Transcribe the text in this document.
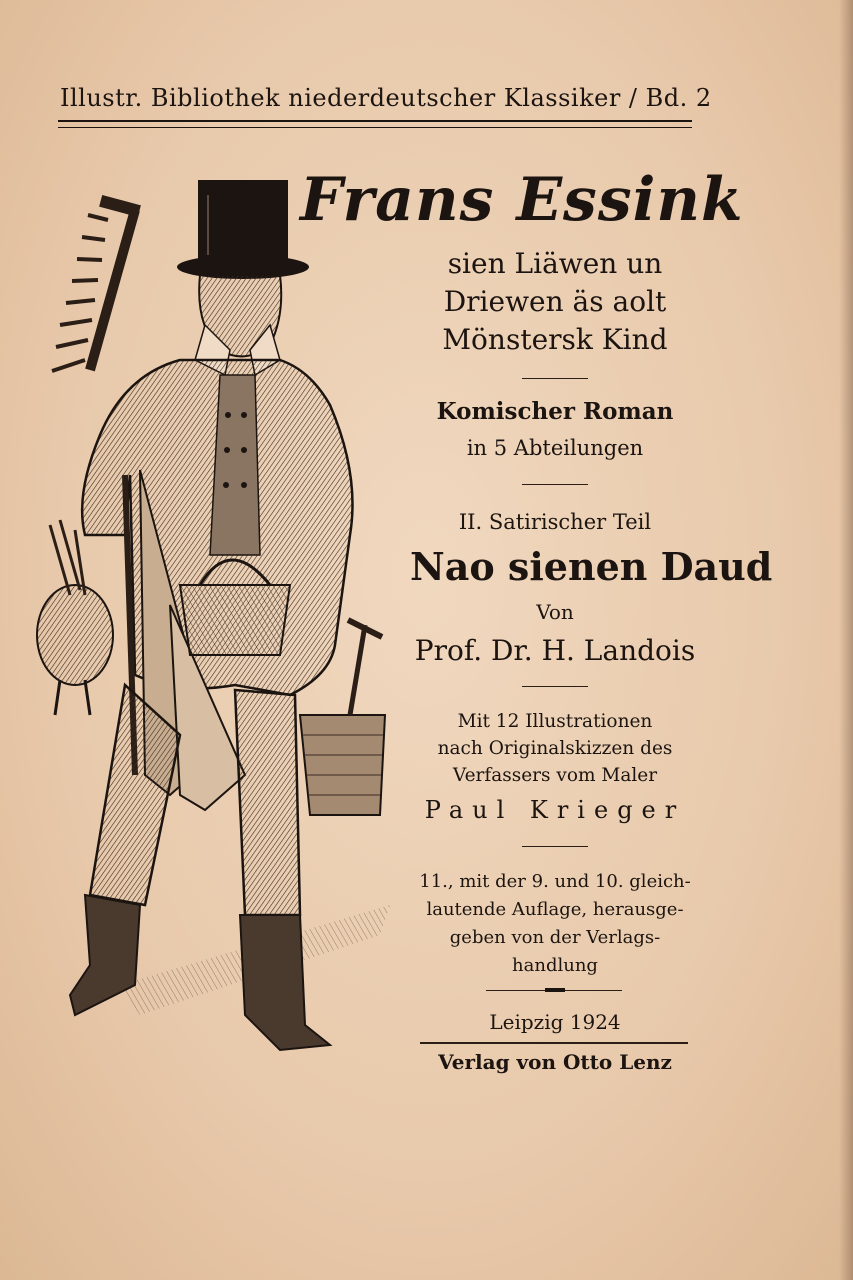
Illustr. Bibliothek niederdeutscher Klassiker / Bd. 2
Frans Essink
sien Liäwen un
Driewen äs aolt
Mönstersk Kind
Komischer Roman
in 5 Abteilungen
II. Satirischer Teil
Nao sienen Daud
Von
Prof. Dr. H. Landois
Mit 12 Illustrationen
nach Originalskizzen des
Verfassers vom Maler
Paul Krieger
11., mit der 9. und 10. gleich-
lautende Auflage, herausge-
geben von der Verlags-
handlung
Leipzig 1924
Verlag von Otto Lenz
